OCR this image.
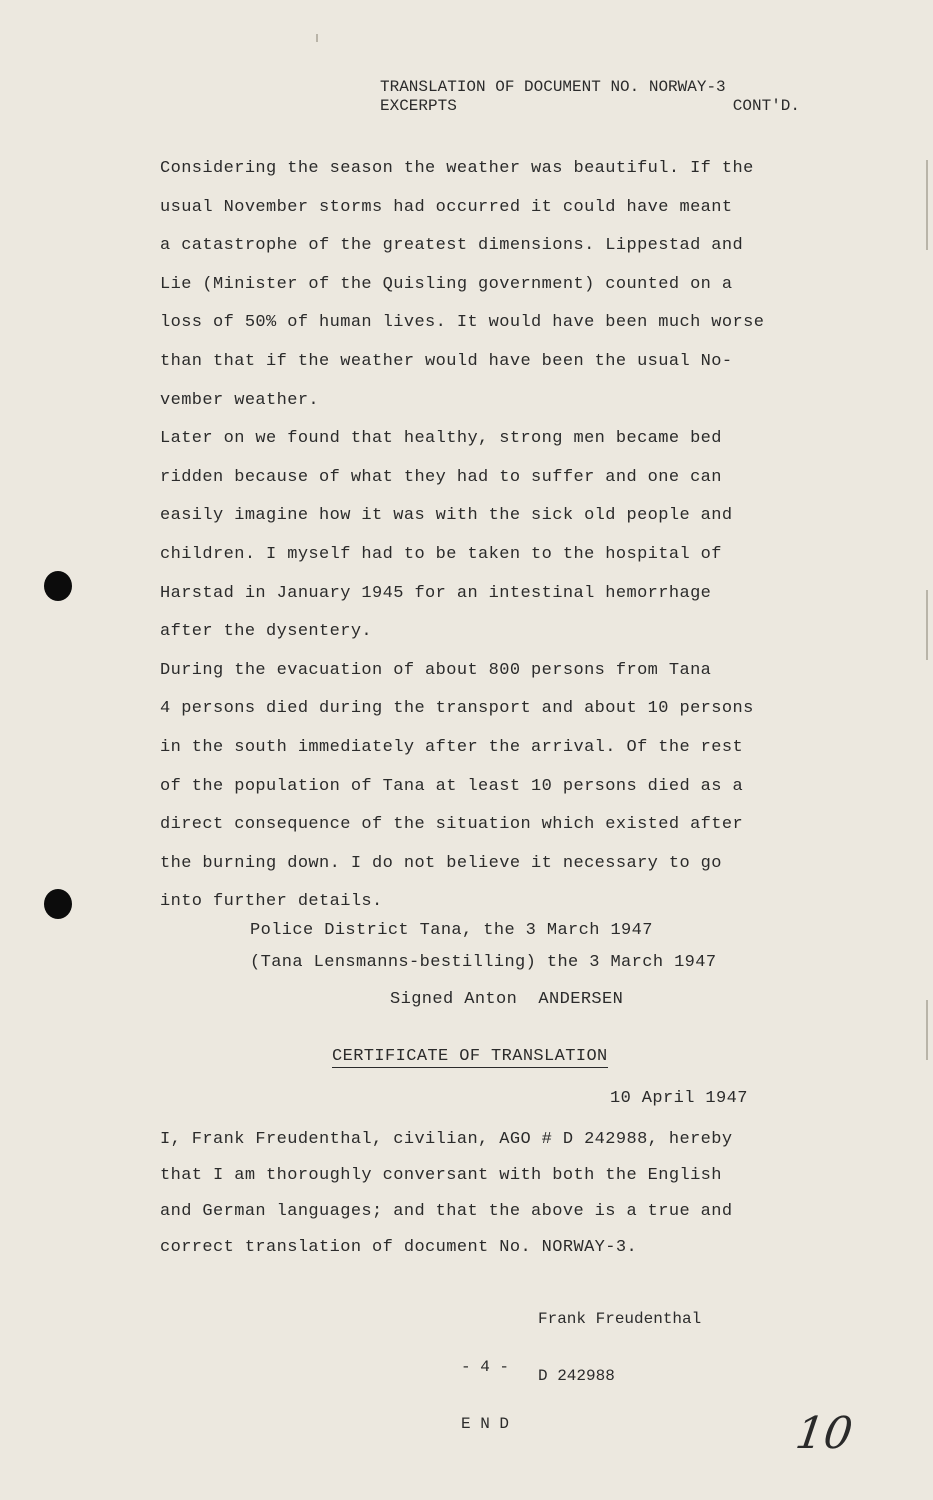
TRANSLATION OF DOCUMENT NO. NORWAY-3
EXCERPTS	CONT'D.
Considering the season the weather was beautiful. If the
usual November storms had occurred it could have meant
a catastrophe of the greatest dimensions. Lippestad and
Lie (Minister of the Quisling government) counted on a
loss of 50% of human lives. It would have been much worse
than that if the weather would have been the usual No-
vember weather.
Later on we found that healthy, strong men became bed
ridden because of what they had to suffer and one can
easily imagine how it was with the sick old people and
children. I myself had to be taken to the hospital of
Harstad in January 1945 for an intestinal hemorrhage
after the dysentery.
During the evacuation of about 800 persons from Tana
4 persons died during the transport and about 10 persons
in the south immediately after the arrival. Of the rest
of the population of Tana at least 10 persons died as a
direct consequence of the situation which existed after
the burning down. I do not believe it necessary to go
into further details.
Police District Tana, the 3 March 1947
(Tana Lensmanns-bestilling) the 3 March 1947
Signed Anton  ANDERSEN
CERTIFICATE OF TRANSLATION
10 April 1947
I, Frank Freudenthal, civilian, AGO # D 242988, hereby
that I am thoroughly conversant with both the English
and German languages; and that the above is a true and
correct translation of document No. NORWAY-3.

Frank Freudenthal

D 242988

- 4 -

E N D

	10
